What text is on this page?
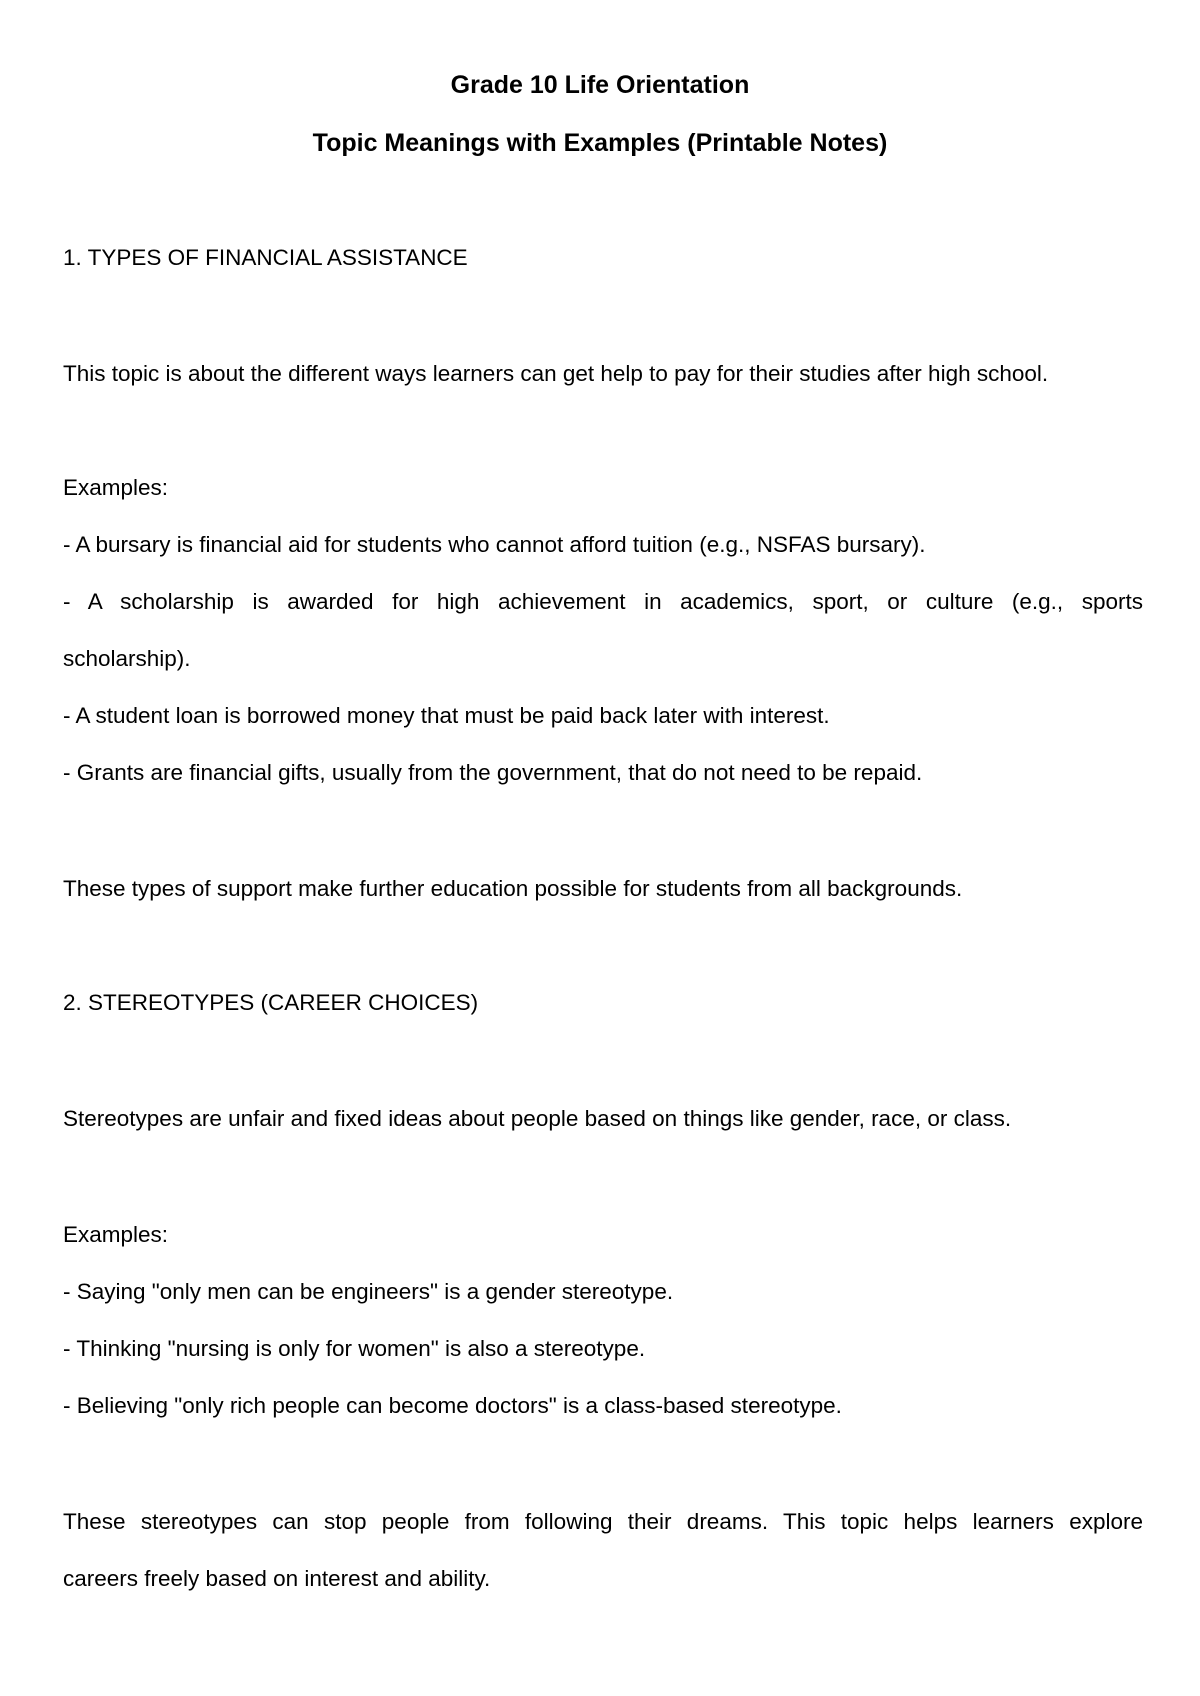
Grade 10 Life Orientation
Topic Meanings with Examples (Printable Notes)
1. TYPES OF FINANCIAL ASSISTANCE
This topic is about the different ways learners can get help to pay for their studies after high school.
Examples:
- A bursary is financial aid for students who cannot afford tuition (e.g., NSFAS bursary).
- A scholarship is awarded for high achievement in academics, sport, or culture (e.g., sports
scholarship).
- A student loan is borrowed money that must be paid back later with interest.
- Grants are financial gifts, usually from the government, that do not need to be repaid.
These types of support make further education possible for students from all backgrounds.
2. STEREOTYPES (CAREER CHOICES)
Stereotypes are unfair and fixed ideas about people based on things like gender, race, or class.
Examples:
- Saying "only men can be engineers" is a gender stereotype.
- Thinking "nursing is only for women" is also a stereotype.
- Believing "only rich people can become doctors" is a class-based stereotype.
These stereotypes can stop people from following their dreams. This topic helps learners explore
careers freely based on interest and ability.
